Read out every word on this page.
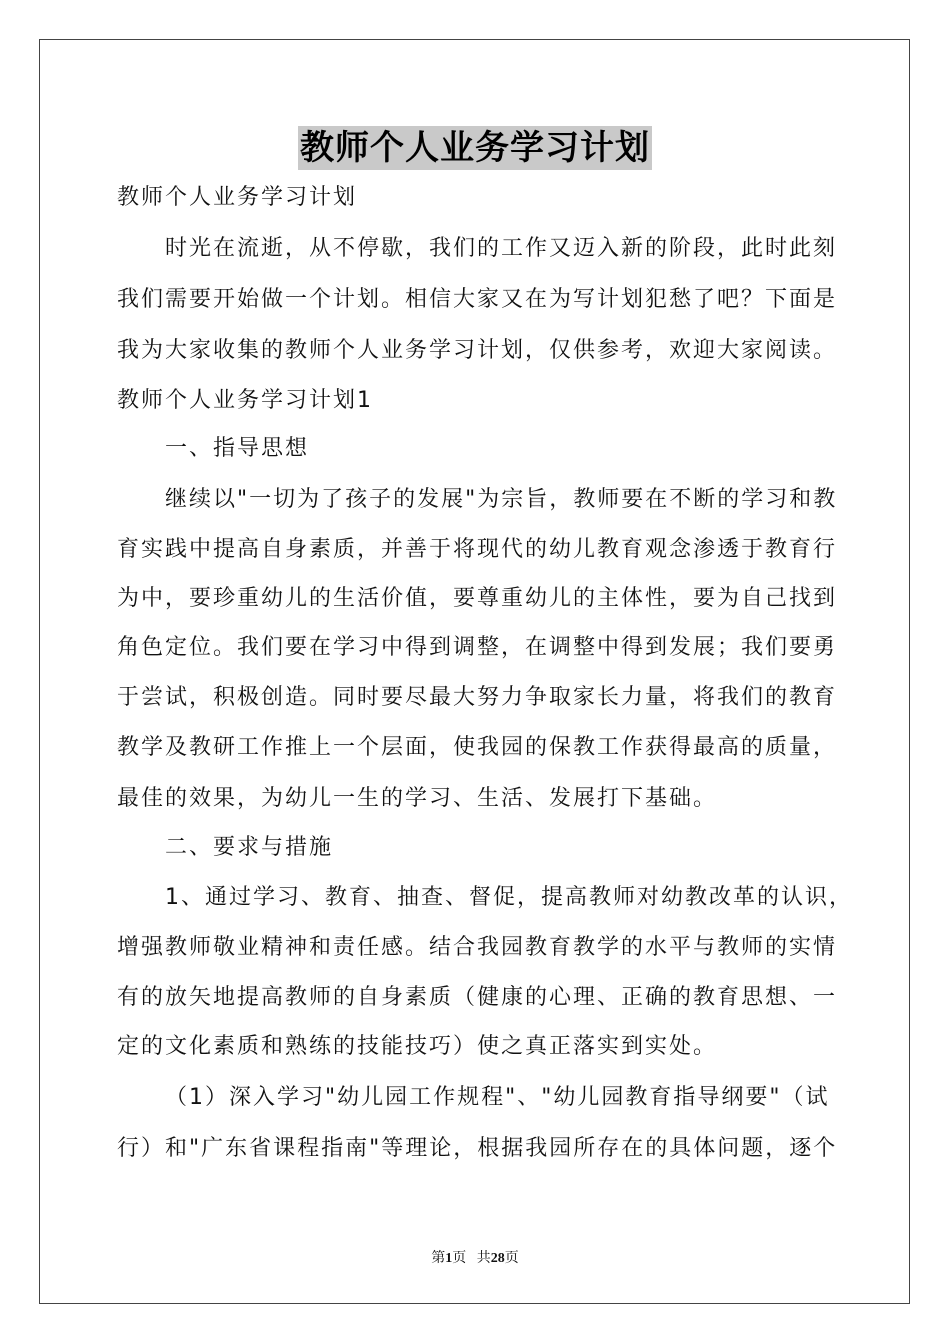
教师个人业务学习计划
教师个人业务学习计划
时光在流逝，从不停歇，我们的工作又迈入新的阶段，此时此刻
我们需要开始做一个计划。相信大家又在为写计划犯愁了吧？下面是
我为大家收集的教师个人业务学习计划，仅供参考，欢迎大家阅读。
教师个人业务学习计划1
一、指导思想
继续以"一切为了孩子的发展"为宗旨，教师要在不断的学习和教
育实践中提高自身素质，并善于将现代的幼儿教育观念渗透于教育行
为中，要珍重幼儿的生活价值，要尊重幼儿的主体性，要为自己找到
角色定位。我们要在学习中得到调整，在调整中得到发展；我们要勇
于尝试，积极创造。同时要尽最大努力争取家长力量，将我们的教育
教学及教研工作推上一个层面，使我园的保教工作获得最高的质量，
最佳的效果，为幼儿一生的学习、生活、发展打下基础。
二、要求与措施
1、通过学习、教育、抽查、督促，提高教师对幼教改革的认识，
增强教师敬业精神和责任感。结合我园教育教学的水平与教师的实情
有的放矢地提高教师的自身素质（健康的心理、正确的教育思想、一
定的文化素质和熟练的技能技巧）使之真正落实到实处。
（1）深入学习"幼儿园工作规程"、"幼儿园教育指导纲要"（试
行）和"广东省课程指南"等理论，根据我园所存在的具体问题，逐个
第1页 共28页
